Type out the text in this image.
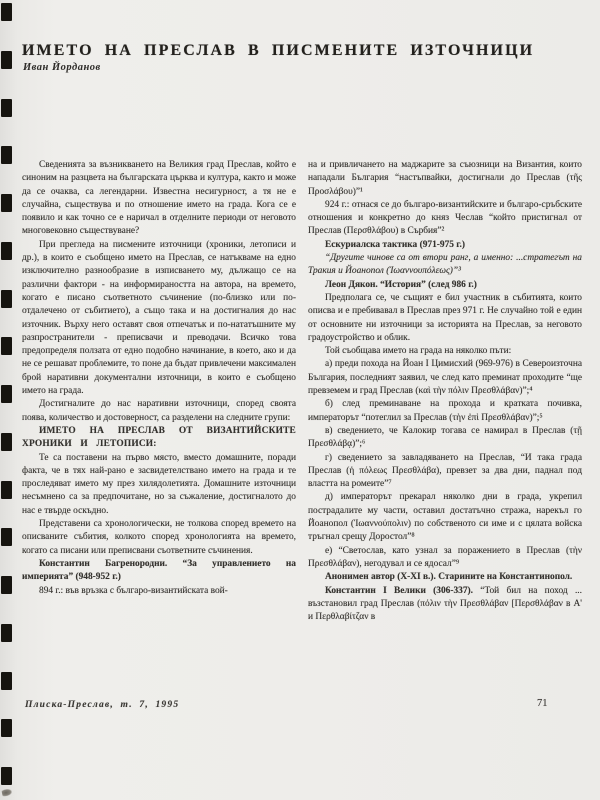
ИМЕТО НА ПРЕСЛАВ В ПИСМЕНИТЕ ИЗТОЧНИЦИ
Иван Йорданов

Сведенията за възникването на Великия град Преслав, който е синоним на разцвета на българската църква и култура, както и може да се очаква, са легендарни. Известна несигурност, а тя не е случайна, съществува и по отношение името на града. Кога се е появило и как точно се е наричал в отделните периоди от неговото многовековно съществуване?

При прегледа на писмените източници (хроники, летописи и др.), в които е съобщено името на Преслав, се натъкваме на едно изключително разнообразие в изписването му, дължащо се на различни фактори - на информираността на автора, на времето, когато е писано съответното съчинение (по-близко или по-отдалечено от събитието), а също така и на достигналия до нас източник. Върху него оставят своя отпечатък и по-нататъшните му разпространители - преписвачи и преводачи. Всичко това предопределя ползата от едно подобно начинание, в което, ако и да не се решават проблемите, то поне да бъдат привлечени максимален брой наративни документални източници, в които е съобщено името на града.

Достигналите до нас наративни източници, според своята поява, количество и достоверност, са разделени на следните групи:

ИМЕТО НА ПРЕСЛАВ ОТ ВИЗАНТИЙСКИТЕ ХРОНИКИ И ЛЕТОПИСИ:

Те са поставени на първо място, вместо домашните, поради факта, че в тях най-рано е засвидетелствано името на града и те проследяват името му през хилядолетията. Домашните източници несъмнено са за предпочитане, но за съжаление, достигналото до нас е твърде оскъдно.

Представени са хронологически, не толкова според времето на описваните събития, колкото според хронологията на времето, когато са писани или преписвани съответните съчинения.

Константин Багренородни. “За управлението на империята” (948-952 г.)

894 г.: във връзка с българо-византийската вой-

на и привличането на маджарите за съюзници на Византия, които нападали България “настъпвайки, достигнали до Преслав (τῆς Προσλάβου)”¹

924 г.: отнася се до българо-византийските и българо-сръбските отношения и конкретно до княз Чеслав “който пристигнал от Преслав (Περσθλάβου) в Сърбия”²

Ескуриалска тактика (971-975 г.)

“Другите чинове са от втори ранг, а именно: ...стратегът на Тракия и Йоанопол (Ἰωαννουπόλεως)”³

Леон Дякон. “История” (след 986 г.)

Предполага се, че същият е бил участник в събитията, които описва и е пребивавал в Преслав през 971 г. Не случайно той е един от основните ни източници за историята на Преслав, за неговото градоустройство и облик.

Той съобщава името на града на няколко пъти:

а) преди похода на Йоан I Цимисхий (969-976) в Североизточна България, последният заявил, че след като преминат проходите “ще превземем и град Преслав (καὶ τὴν πόλιν Πρεσθλάβαν)”;⁴

б) след преминаване на прохода и кратката почивка, императорът “потеглил за Преслав (τὴν ἐπὶ Πρεσθλάβαν)”;⁵

в) сведението, че Калокир тогава се намирал в Преслав (τῇ Πρεσθλάβᾳ)”;⁶

г) сведението за завладяването на Преслав, “И така града Преслав (ἡ πόλεως Πρεσθλάβα), превзет за два дни, паднал под властта на ромеите”⁷

д) императорът прекарал няколко дни в града, укрепил пострадалите му части, оставил достатъчно стража, нарекъл го Йоанопол (Ἰωαννούπολιν) по собственото си име и с цялата войска тръгнал срещу Доростол”⁸

е) “Светослав, като узнал за поражението в Преслав (τὴν Πρεσθλάβαν), негодувал и се ядосал”⁹

Анонимен автор (X-XI в.). Старините на Константинопол.

Константин I Велики (306-337). “Той бил на поход ... възстановил град Преслав (πόλιν τὴν Πρεσθλάβαν [Περσθλάβαν в А' и Περθλαβίτζαν в

Плиска-Преслав, т. 7, 1995	71
